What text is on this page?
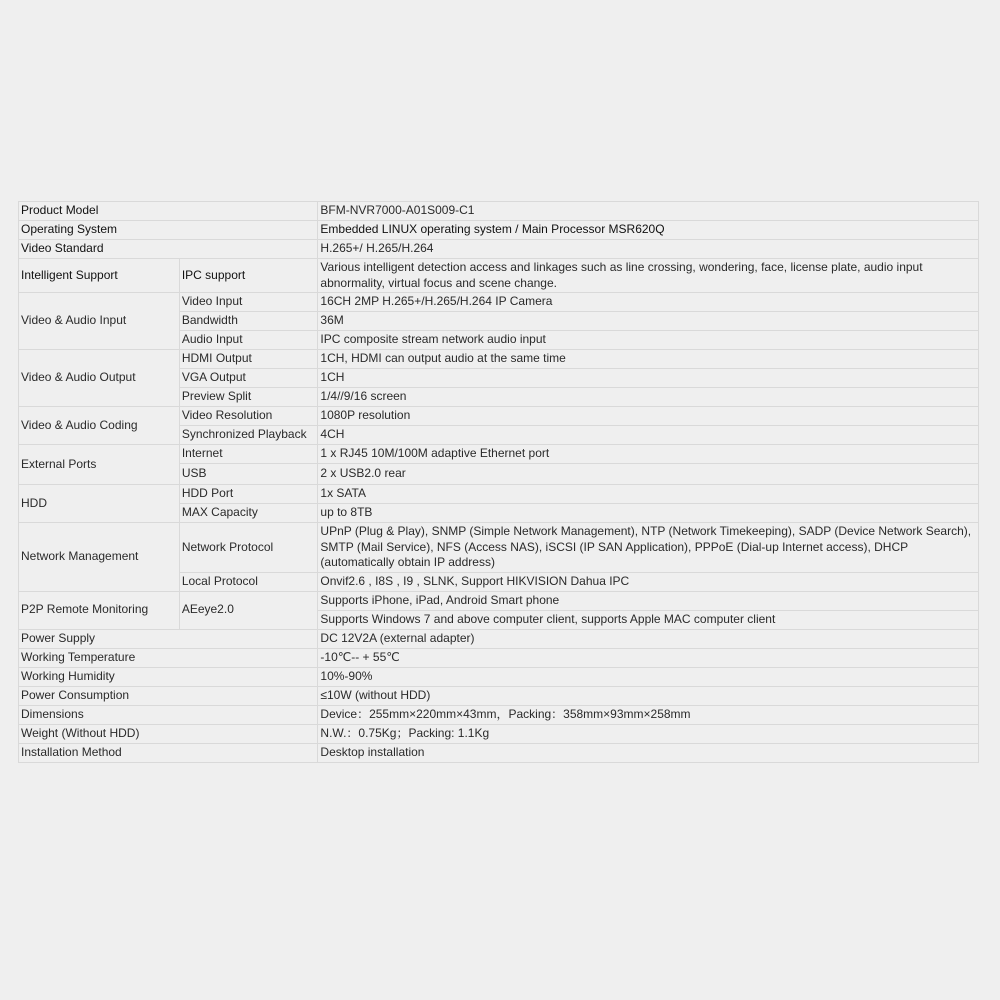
Product Model		BFM-NVR7000-A01S009-C1
Operating System		Embedded LINUX operating system / Main Processor MSR620Q
Video Standard		H.265+/ H.265/H.264
Intelligent Support	IPC support	Various intelligent detection access and linkages such as line crossing, wondering, face, license plate, audio input abnormality, virtual focus and scene change.
Video & Audio Input	Video Input	16CH 2MP H.265+/H.265/H.264 IP Camera
	Bandwidth	36M
	Audio Input	IPC composite stream network audio input
Video & Audio Output	HDMI Output	1CH, HDMI can output audio at the same time
	VGA Output	1CH
	Preview Split	1/4//9/16 screen
Video & Audio Coding	Video Resolution	1080P resolution
	Synchronized Playback	4CH
External Ports	Internet	1 x RJ45 10M/100M adaptive Ethernet port
	USB	2 x USB2.0 rear
HDD	HDD Port	1x SATA
	MAX Capacity	up to 8TB
Network Management	Network Protocol	UPnP (Plug & Play), SNMP (Simple Network Management), NTP (Network Timekeeping), SADP (Device Network Search), SMTP (Mail Service), NFS (Access NAS), iSCSI (IP SAN Application), PPPoE (Dial-up Internet access), DHCP (automatically obtain IP address)
	Local Protocol	Onvif2.6 , I8S , I9 , SLNK, Support HIKVISION Dahua IPC
P2P Remote Monitoring	AEeye2.0	Supports iPhone, iPad, Android Smart phone
		Supports Windows 7 and above computer client, supports Apple MAC computer client
Power Supply		DC 12V2A (external adapter)
Working Temperature		-10℃-- + 55℃
Working Humidity		10%-90%
Power Consumption		≤10W (without HDD)
Dimensions		Device：255mm×220mm×43mm，Packing：358mm×93mm×258mm
Weight (Without HDD)		N.W.：0.75Kg；Packing: 1.1Kg
Installation Method		Desktop installation
